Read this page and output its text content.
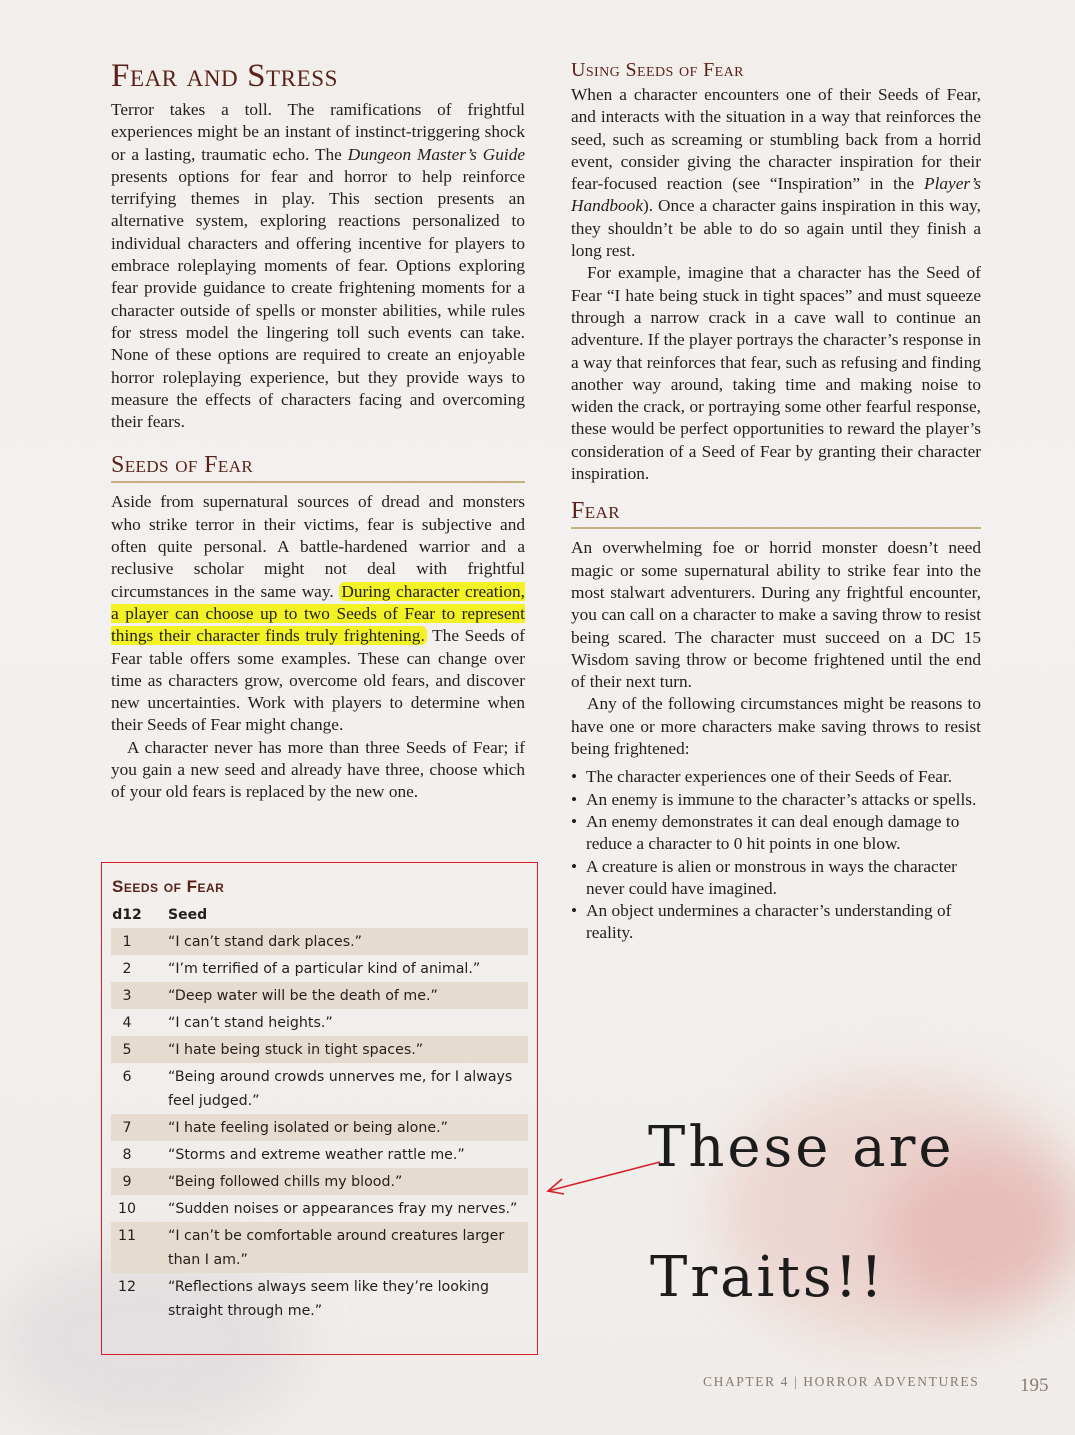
Fear and Stress

Terror takes a toll. The ramifications of frightful experiences might be an instant of instinct-triggering shock or a lasting, traumatic echo. The Dungeon Master’s Guide presents options for fear and horror to help reinforce terrifying themes in play. This section presents an alternative system, exploring reactions personalized to individual characters and offering incentive for players to embrace roleplaying moments of fear. Options exploring fear provide guidance to create frightening moments for a character outside of spells or monster abilities, while rules for stress model the lingering toll such events can take. None of these options are required to create an enjoyable horror roleplaying experience, but they provide ways to measure the effects of characters facing and overcoming their fears.

Seeds of Fear

Aside from supernatural sources of dread and monsters who strike terror in their victims, fear is subjective and often quite personal. A battle-hardened warrior and a reclusive scholar might not deal with frightful circumstances in the same way. During character creation, a player can choose up to two Seeds of Fear to represent things their character finds truly frightening. The Seeds of Fear table offers some examples. These can change over time as characters grow, overcome old fears, and discover new uncertainties. Work with players to determine when their Seeds of Fear might change.

A character never has more than three Seeds of Fear; if you gain a new seed and already have three, choose which of your old fears is replaced by the new one.

Seeds of Fear
d12	Seed
1	“I can’t stand dark places.”
2	“I’m terrified of a particular kind of animal.”
3	“Deep water will be the death of me.”
4	“I can’t stand heights.”
5	“I hate being stuck in tight spaces.”
6	“Being around crowds unnerves me, for I always feel judged.”
7	“I hate feeling isolated or being alone.”
8	“Storms and extreme weather rattle me.”
9	“Being followed chills my blood.”
10	“Sudden noises or appearances fray my nerves.”
11	“I can’t be comfortable around creatures larger than I am.”
12	“Reflections always seem like they’re looking straight through me.”
Using Seeds of Fear

When a character encounters one of their Seeds of Fear, and interacts with the situation in a way that reinforces the seed, such as screaming or stumbling back from a horrid event, consider giving the character inspiration for their fear-focused reaction (see “Inspiration” in the Player’s Handbook). Once a character gains inspiration in this way, they shouldn’t be able to do so again until they finish a long rest.

For example, imagine that a character has the Seed of Fear “I hate being stuck in tight spaces” and must squeeze through a narrow crack in a cave wall to continue an adventure. If the player portrays the character’s response in a way that reinforces that fear, such as refusing and finding another way around, taking time and making noise to widen the crack, or portraying some other fearful response, these would be perfect opportunities to reward the player’s consideration of a Seed of Fear by granting their character inspiration.

Fear

An overwhelming foe or horrid monster doesn’t need magic or some supernatural ability to strike fear into the most stalwart adventurers. During any frightful encounter, you can call on a character to make a saving throw to resist being scared. The character must succeed on a DC 15 Wisdom saving throw or become frightened until the end of their next turn.

Any of the following circumstances might be reasons to have one or more characters make saving throws to resist being frightened:

• The character experiences one of their Seeds of Fear.
• An enemy is immune to the character’s attacks or spells.
• An enemy demonstrates it can deal enough damage to reduce a character to 0 hit points in one blow.
• A creature is alien or monstrous in ways the character never could have imagined.
• An object undermines a character’s understanding of reality.
These are
Traits!!
CHAPTER 4 | HORROR ADVENTURES 195
